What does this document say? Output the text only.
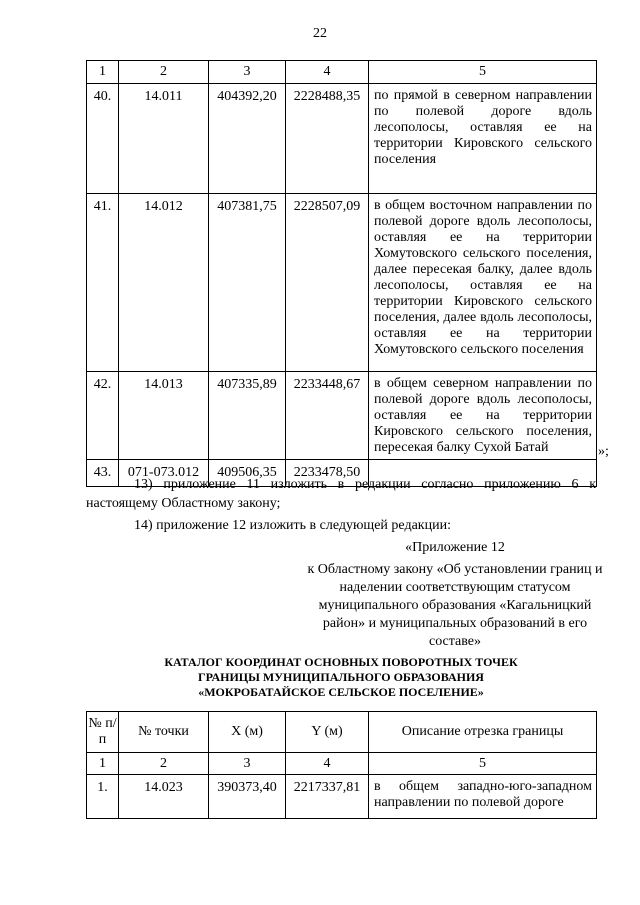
22
1	2	3	4	5
40.	14.011	404392,20	2228488,35	по прямой в северном направлении по полевой дороге вдоль лесополосы, оставляя ее на территории Кировского сельского поселения
41.	14.012	407381,75	2228507,09	в общем восточном направлении по полевой дороге вдоль лесополосы, оставляя ее на территории Хомутовского сельского поселения, далее пересекая балку, далее вдоль лесополосы, оставляя ее на территории Кировского сельского поселения, далее вдоль лесополосы, оставляя ее на территории Хомутовского сельского поселения
42.	14.013	407335,89	2233448,67	в общем северном направлении по полевой дороге вдоль лесополосы, оставляя ее на территории Кировского сельского поселения, пересекая балку Сухой Батай
43.	071-073.012	409506,35	2233478,50	
»;
13) приложение 11 изложить в редакции согласно приложению 6 к настоящему Областному закону;
14) приложение 12 изложить в следующей редакции:
«Приложение 12
к Областному закону «Об установлении границ и наделении соответствующим статусом муниципального образования «Кагальницкий район» и муниципальных образований в его составе»
КАТАЛОГ КООРДИНАТ ОСНОВНЫХ ПОВОРОТНЫХ ТОЧЕК
ГРАНИЦЫ МУНИЦИПАЛЬНОГО ОБРАЗОВАНИЯ
«МОКРОБАТАЙСКОЕ СЕЛЬСКОЕ ПОСЕЛЕНИЕ»
№ п/п	№ точки	X (м)	Y (м)	Описание отрезка границы
1	2	3	4	5
1.	14.023	390373,40	2217337,81	в общем западно-юго-западном направлении по полевой дороге
